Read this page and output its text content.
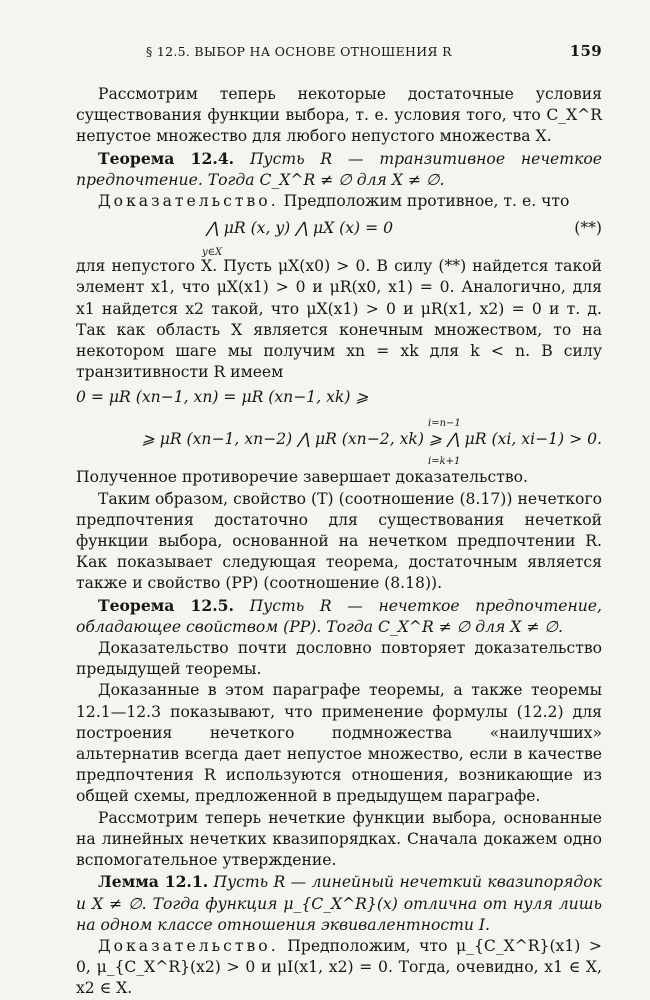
§ 12.5. ВЫБОР НА ОСНОВЕ ОТНОШЕНИЯ R	159

Рассмотрим теперь некоторые достаточные условия существования функции выбора, т. е. условия того, что C_X^R непустое множество для любого непустого множества X.

Теорема 12.4. Пусть R — транзитивное нечеткое предпочтение. Тогда C_X^R ≠ ∅ для X ≠ ∅.

Доказательство. Предположим противное, т. е. что

⋀ μR (x, y) ⋀ μX (x) = 0
y∈X
(**)

для непустого X. Пусть μX(x0) > 0. В силу (**) найдется такой элемент x1, что μX(x1) > 0 и μR(x0, x1) = 0. Аналогично, для x1 найдется x2 такой, что μX(x1) > 0 и μR(x1, x2) = 0 и т. д. Так как область X является конечным множеством, то на некотором шаге мы получим xn = xk для k < n. В силу транзитивности R имеем

0 = μR (xn−1, xn) = μR (xn−1, xk) ⩾
i=n−1
⩾ μR (xn−1, xn−2) ⋀ μR (xn−2, xk) ⩾ ⋀ μR (xi, xi−1) > 0.
i=k+1

Полученное противоречие завершает доказательство.

Таким образом, свойство (T) (соотношение (8.17)) нечеткого предпочтения достаточно для существования нечеткой функции выбора, основанной на нечетком предпочтении R. Как показывает следующая теорема, достаточным является также и свойство (PP) (соотношение (8.18)).

Теорема 12.5. Пусть R — нечеткое предпочтение, обладающее свойством (PP). Тогда C_X^R ≠ ∅ для X ≠ ∅.

Доказательство почти дословно повторяет доказательство предыдущей теоремы.

Доказанные в этом параграфе теоремы, а также теоремы 12.1—12.3 показывают, что применение формулы (12.2) для построения нечеткого подмножества «наилучших» альтернатив всегда дает непустое множество, если в качестве предпочтения R используются отношения, возникающие из общей схемы, предложенной в предыдущем параграфе.

Рассмотрим теперь нечеткие функции выбора, основанные на линейных нечетких квазипорядках. Сначала докажем одно вспомогательное утверждение.

Лемма 12.1. Пусть R — линейный нечеткий квазипорядок и X ≠ ∅. Тогда функция μ_{C_X^R}(x) отлична от нуля лишь на одном классе отношения эквивалентности I.

Доказательство. Предположим, что μ_{C_X^R}(x1) > 0, μ_{C_X^R}(x2) > 0 и μI(x1, x2) = 0. Тогда, очевидно, x1 ∈ X, x2 ∈ X.
